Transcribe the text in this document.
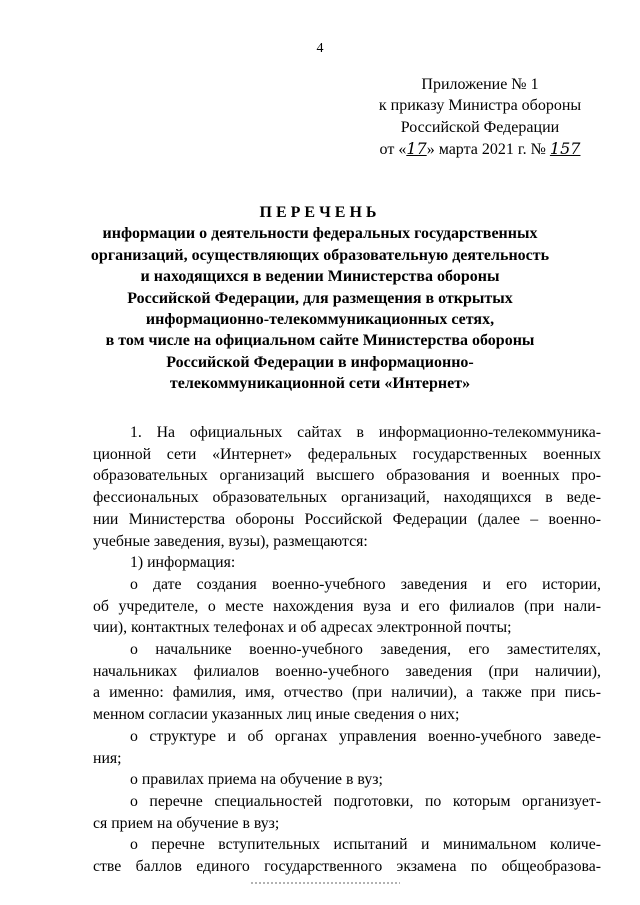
4
Приложение № 1
к приказу Министра обороны
Российской Федерации
от «17» марта 2021 г. № 157
ПЕРЕЧЕНЬ
информации о деятельности федеральных государственных
организаций, осуществляющих образовательную деятельность
и находящихся в ведении Министерства обороны
Российской Федерации, для размещения в открытых
информационно-телекоммуникационных сетях,
в том числе на официальном сайте Министерства обороны
Российской Федерации в информационно-
телекоммуникационной сети «Интернет»
1. На официальных сайтах в информационно-телекоммуника-
ционной сети «Интернет» федеральных государственных военных
образовательных организаций высшего образования и военных про-
фессиональных образовательных организаций, находящихся в веде-
нии Министерства обороны Российской Федерации (далее – военно-
учебные заведения, вузы), размещаются:
1) информация:
о дате создания военно-учебного заведения и его истории,
об учредителе, о месте нахождения вуза и его филиалов (при нали-
чии), контактных телефонах и об адресах электронной почты;
о начальнике военно-учебного заведения, его заместителях,
начальниках филиалов военно-учебного заведения (при наличии),
а именно: фамилия, имя, отчество (при наличии), а также при пись-
менном согласии указанных лиц иные сведения о них;
о структуре и об органах управления военно-учебного заведе-
ния;
о правилах приема на обучение в вуз;
о перечне специальностей подготовки, по которым организует-
ся прием на обучение в вуз;
о перечне вступительных испытаний и минимальном количе-
стве баллов единого государственного экзамена по общеобразова-
